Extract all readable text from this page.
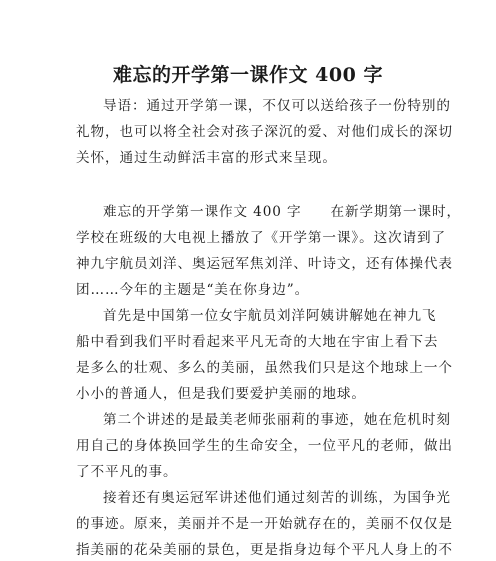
难忘的开学第一课作文 400 字
导语：通过开学第一课，不仅可以送给孩子一份特别的
礼物，也可以将全社会对孩子深沉的爱、对他们成长的深切
关怀，通过生动鲜活丰富的形式来呈现。
难忘的开学第一课作文 400 字　　在新学期第一课时，
学校在班级的大电视上播放了《开学第一课》。这次请到了
神九宇航员刘洋、奥运冠军焦刘洋、叶诗文，还有体操代表
团……今年的主题是“美在你身边”。
首先是中国第一位女宇航员刘洋阿姨讲解她在神九飞
船中看到我们平时看起来平凡无奇的大地在宇宙上看下去
是多么的壮观、多么的美丽，虽然我们只是这个地球上一个
小小的普通人，但是我们要爱护美丽的地球。
第二个讲述的是最美老师张丽莉的事迹，她在危机时刻
用自己的身体换回学生的生命安全，一位平凡的老师，做出
了不平凡的事。
接着还有奥运冠军讲述他们通过刻苦的训练，为国争光
的事迹。原来，美丽并不是一开始就存在的，美丽不仅仅是
指美丽的花朵美丽的景色，更是指身边每个平凡人身上的不
